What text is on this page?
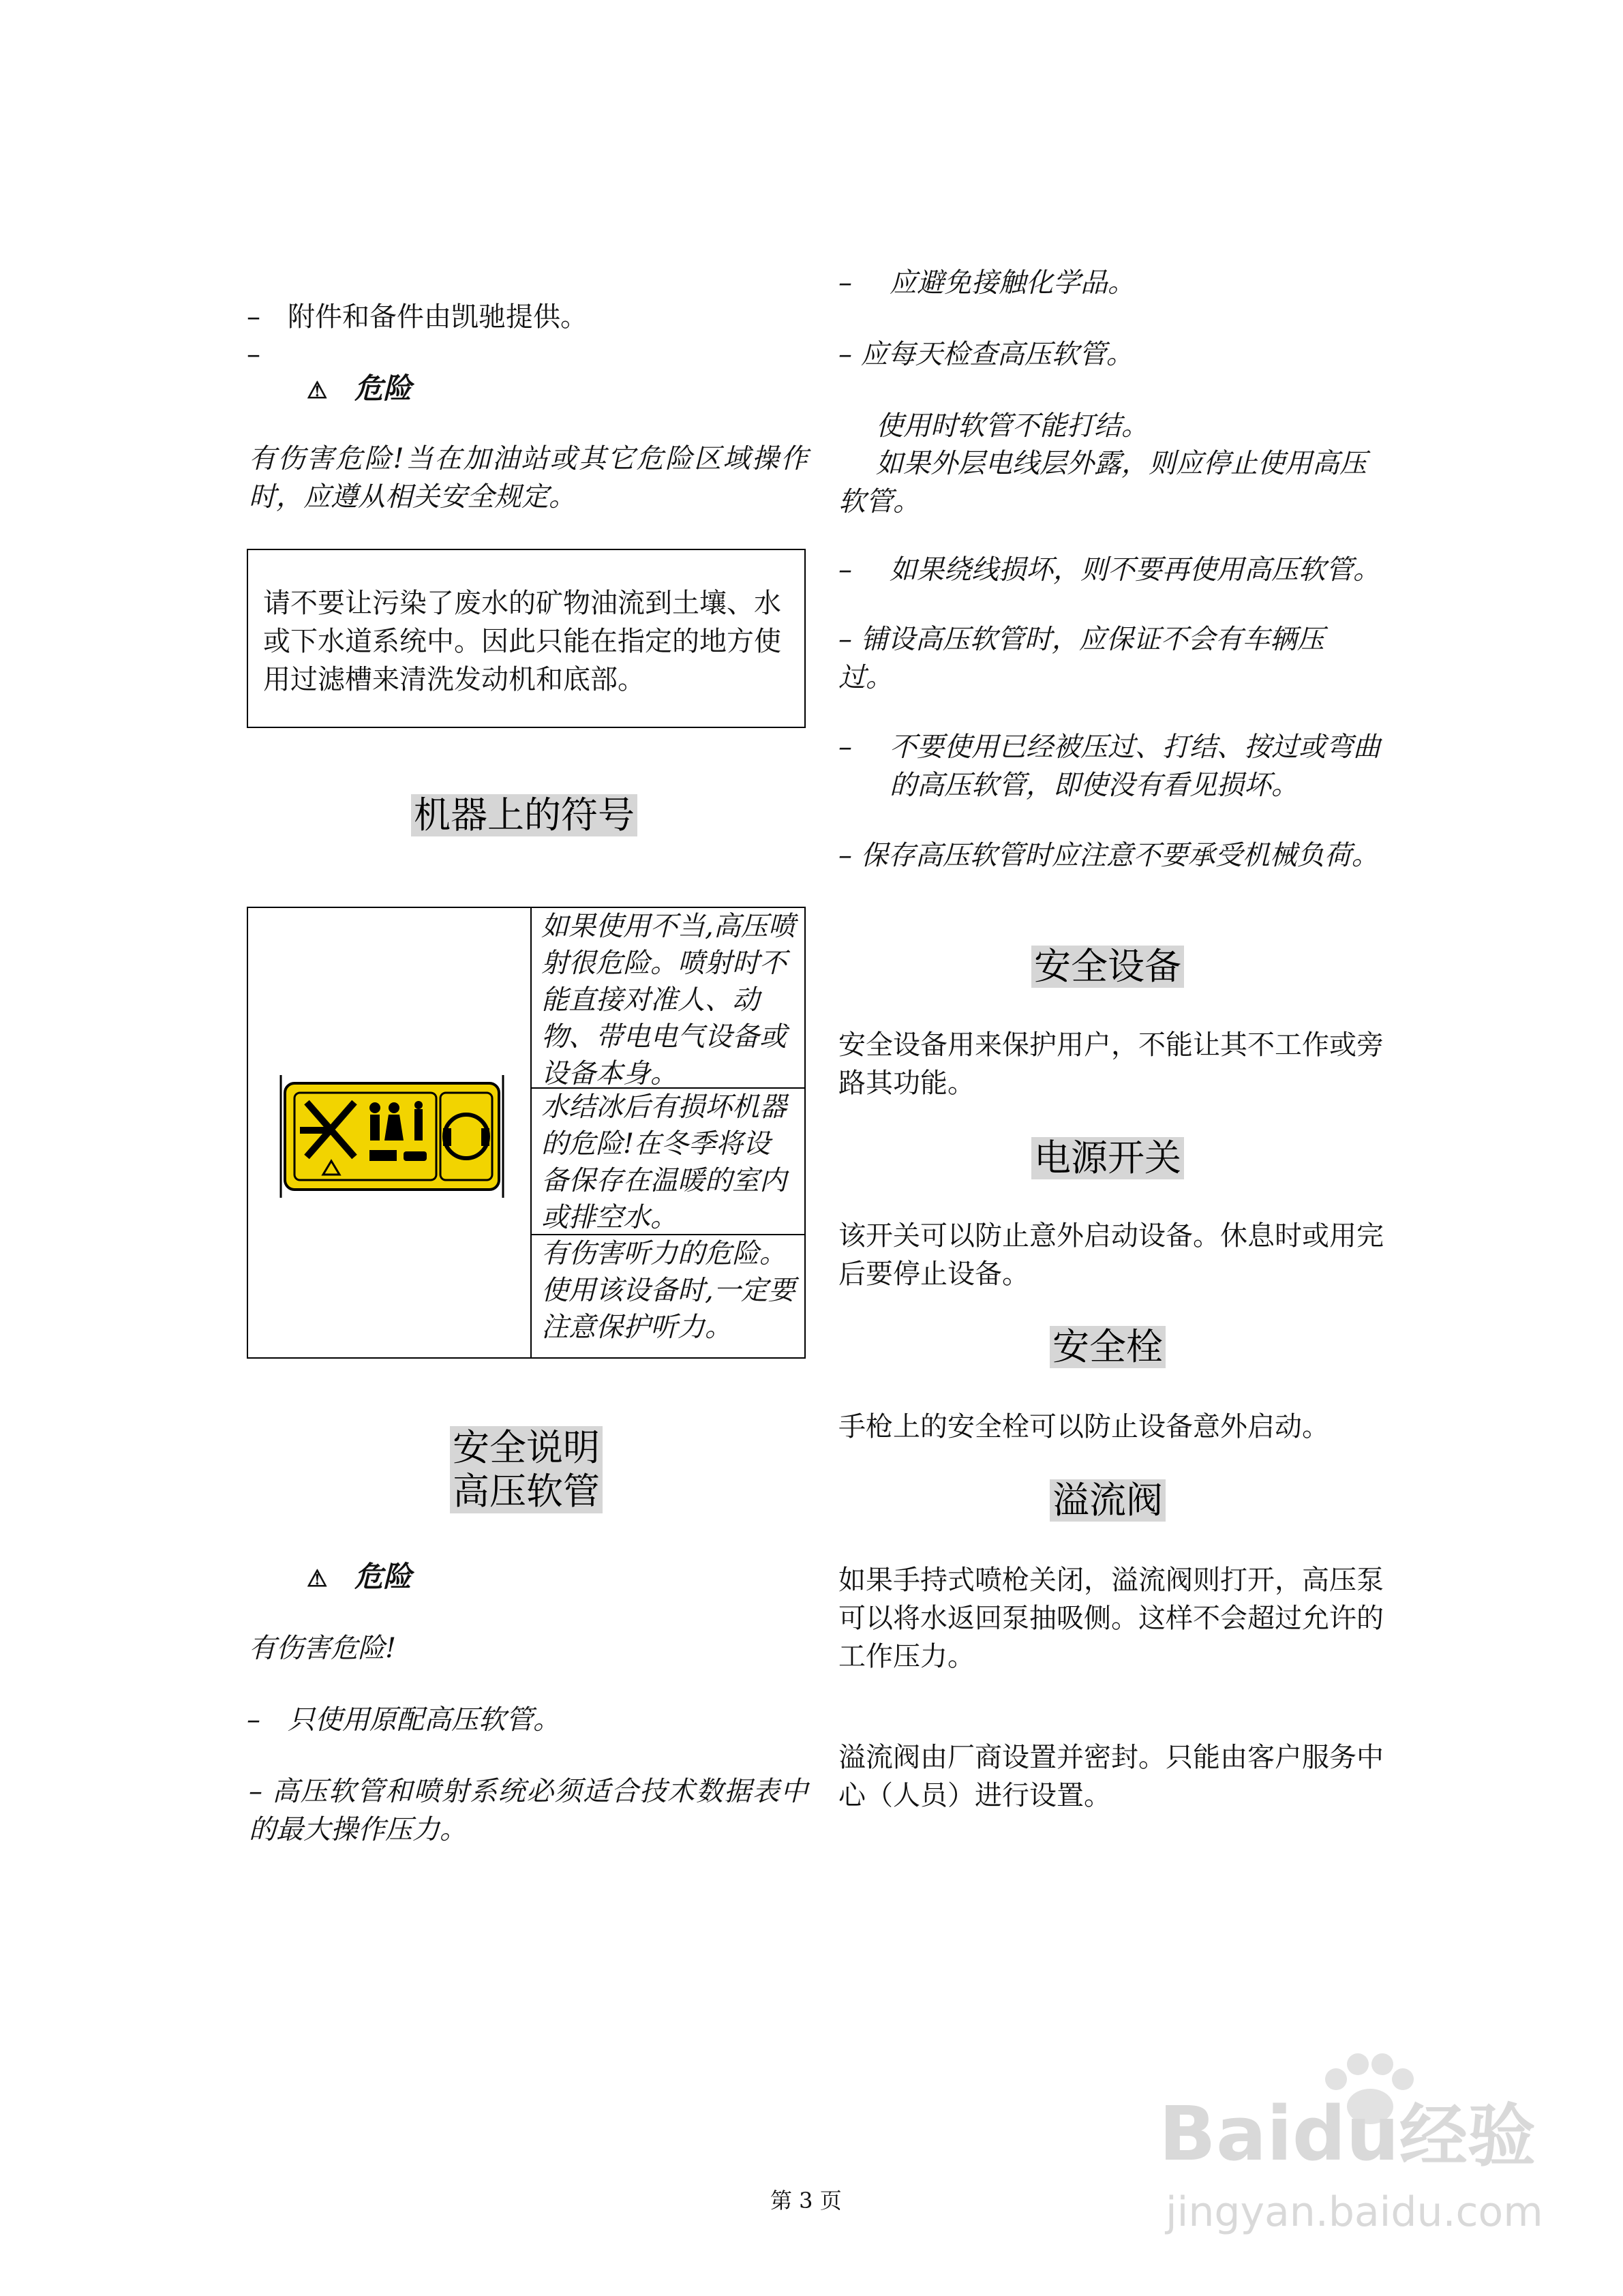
– 附件和备件由凯驰提供。
–
⚠ 危险
有伤害危险!当在加油站或其它危险区域操作时，应遵从相关安全规定。
请不要让污染了废水的矿物油流到土壤、水或下水道系统中。因此只能在指定的地方使用过滤槽来清洗发动机和底部。
机器上的符号
如果使用不当,高压喷射很危险。喷射时不能直接对准人、动物、带电电气设备或设备本身。
水结冰后有损坏机器的危险!在冬季将设备保存在温暖的室内或排空水。
有伤害听力的危险。使用该设备时,一定要注意保护听力。
安全说明
高压软管
⚠ 危险
有伤害危险!
– 只使用原配高压软管。
– 高压软管和喷射系统必须适合技术数据表中的最大操作压力。
– 应避免接触化学品。
– 应每天检查高压软管。
使用时软管不能打结。
如果外层电线层外露，则应停止使用高压软管。
– 如果绕线损坏，则不要再使用高压软管。
– 铺设高压软管时，应保证不会有车辆压过。
– 不要使用已经被压过、打结、按过或弯曲的高压软管，即使没有看见损坏。
– 保存高压软管时应注意不要承受机械负荷。
安全设备
安全设备用来保护用户，不能让其不工作或旁路其功能。
电源开关
该开关可以防止意外启动设备。休息时或用完后要停止设备。
安全栓
手枪上的安全栓可以防止设备意外启动。
溢流阀
如果手持式喷枪关闭，溢流阀则打开，高压泵可以将水返回泵抽吸侧。这样不会超过允许的工作压力。
溢流阀由厂商设置并密封。只能由客户服务中心（人员）进行设置。
第 3 页
Baidu经验
jingyan.baidu.com
